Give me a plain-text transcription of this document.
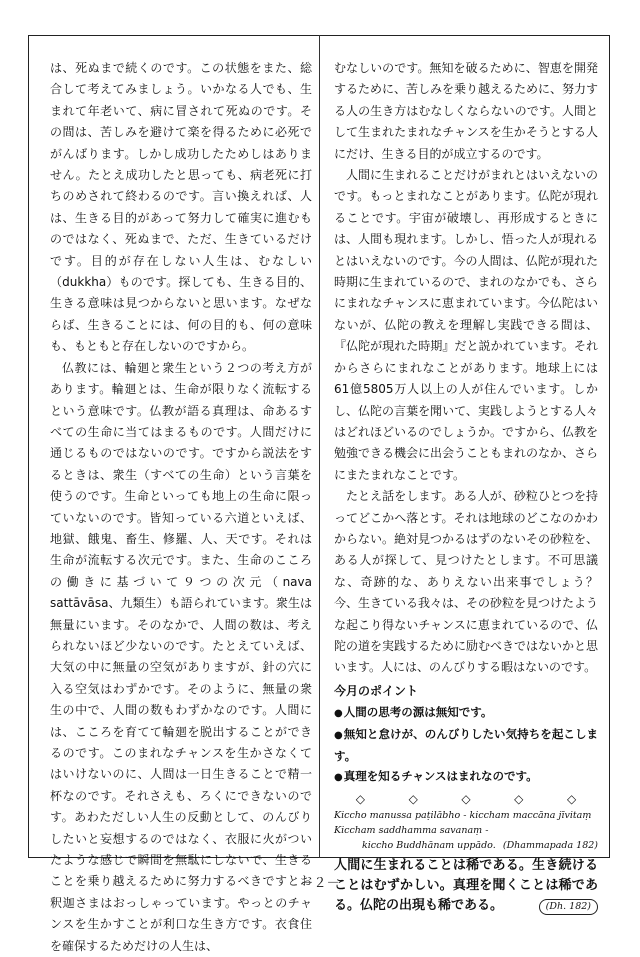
は、死ぬまで続くのです。この状態をまた、総合して考えてみましょう。いかなる人でも、生まれて年老いて、病に冒されて死ぬのです。その間は、苦しみを避けて楽を得るために必死でがんばります。しかし成功したためしはありません。たとえ成功したと思っても、病老死に打ちのめされて終わるのです。言い換えれば、人は、生きる目的があって努力して確実に進むものではなく、死ぬまで、ただ、生きているだけです。目的が存在しない人生は、むなしい（dukkha）ものです。探しても、生きる目的、生きる意味は見つからないと思います。なぜならば、生きることには、何の目的も、何の意味も、もともと存在しないのですから。

仏教には、輪廻と衆生という２つの考え方があります。輪廻とは、生命が限りなく流転するという意味です。仏教が語る真理は、命あるすべての生命に当てはまるものです。人間だけに通じるものではないのです。ですから説法をするときは、衆生（すべての生命）という言葉を使うのです。生命といっても地上の生命に限っていないのです。皆知っている六道といえば、地獄、餓鬼、畜生、修羅、人、天です。それは生命が流転する次元です。また、生命のこころの働きに基づいて９つの次元（nava sattāvāsa、九類生）も語られています。衆生は無量にいます。そのなかで、人間の数は、考えられないほど少ないのです。たとえていえば、大気の中に無量の空気がありますが、針の穴に入る空気はわずかです。そのように、無量の衆生の中で、人間の数もわずかなのです。人間には、こころを育てて輪廻を脱出することができるのです。このまれなチャンスを生かさなくてはいけないのに、人間は一日生きることで精一杯なのです。それさえも、ろくにできないのです。あわただしい人生の反動として、のんびりしたいと妄想するのではなく、衣服に火がついたような感じで瞬間を無駄にしないで、生きることを乗り越えるために努力するべきですとお釈迦さまはおっしゃっています。やっとのチャンスを生かすことが利口な生き方です。衣食住を確保するためだけの人生は、

むなしいのです。無知を破るために、智恵を開発するために、苦しみを乗り越えるために、努力する人の生き方はむなしくならないのです。人間として生まれたまれなチャンスを生かそうとする人にだけ、生きる目的が成立するのです。

人間に生まれることだけがまれとはいえないのです。もっとまれなことがあります。仏陀が現れることです。宇宙が破壊し、再形成するときには、人間も現れます。しかし、悟った人が現れるとはいえないのです。今の人間は、仏陀が現れた時期に生まれているので、まれのなかでも、さらにまれなチャンスに恵まれています。今仏陀はいないが、仏陀の教えを理解し実践できる間は、『仏陀が現れた時期』だと説かれています。それからさらにまれなことがあります。地球上には61億5805万人以上の人が住んでいます。しかし、仏陀の言葉を聞いて、実践しようとする人々はどれほどいるのでしょうか。ですから、仏教を勉強できる機会に出会うこともまれのなか、さらにまたまれなことです。

たとえ話をします。ある人が、砂粒ひとつを持ってどこかへ落とす。それは地球のどこなのかわからない。絶対見つかるはずのないその砂粒を、ある人が探して、見つけたとします。不可思議な、奇跡的な、ありえない出来事でしょう？　今、生きている我々は、その砂粒を見つけたような起こり得ないチャンスに恵まれているので、仏陀の道を実践するために励むべきではないかと思います。人には、のんびりする暇はないのです。

今月のポイント
●人間の思考の源は無知です。
●無知と怠けが、のんびりしたい気持ちを起こします。
●真理を知るチャンスはまれなのです。
◇	◇	◇	◇	◇
Kiccho manussa paṭilābho - kiccham maccāna jīvitaṃ
Kiccham saddhamma savanaṃ -
kiccho Buddhānam uppādo. (Dhammapada 182)
人間に生まれることは稀である。生き続けることはむずかしい。真理を聞くことは稀である。仏陀の出現も稀である。	(Dh. 182)
－２－
